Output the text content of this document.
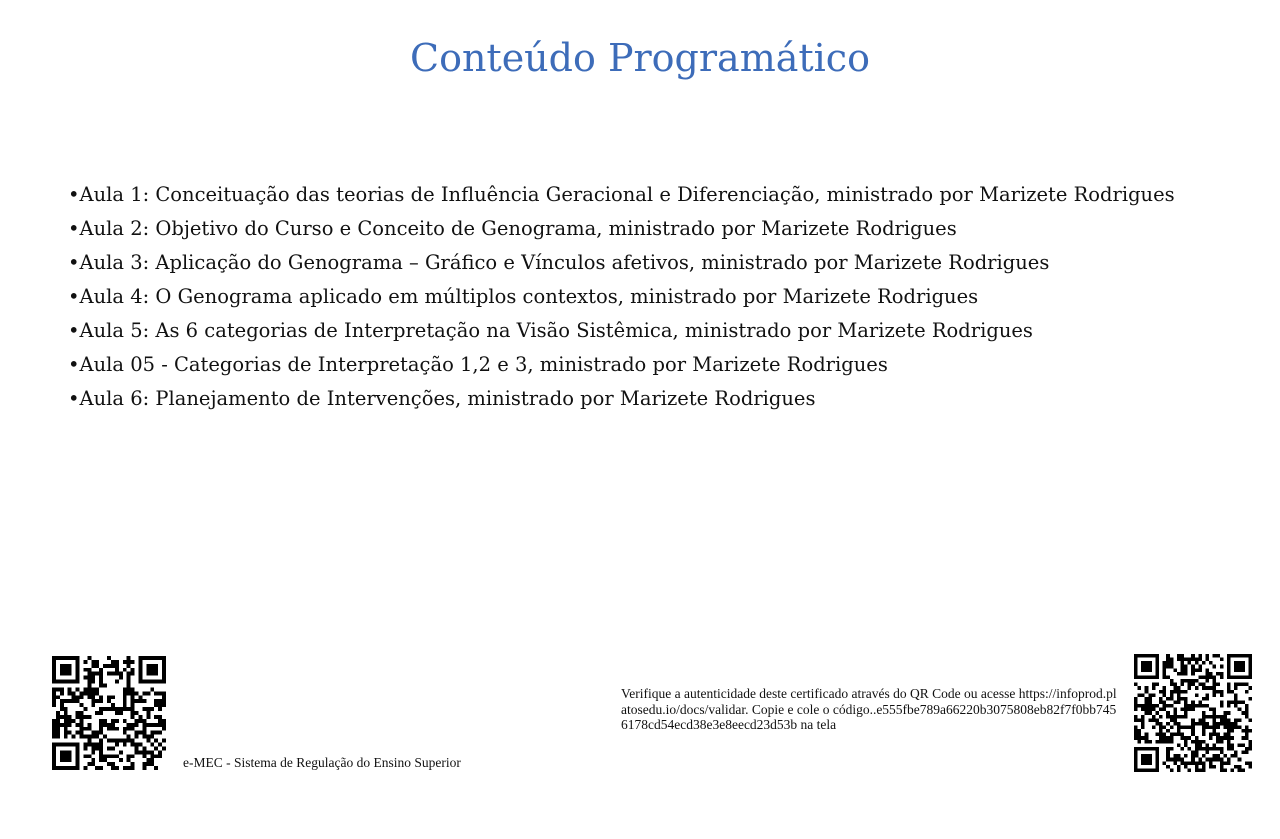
Conteúdo Programático
•Aula 1: Conceituação das teorias de Influência Geracional e Diferenciação, ministrado por Marizete Rodrigues
•Aula 2: Objetivo do Curso e Conceito de Genograma, ministrado por Marizete Rodrigues
•Aula 3: Aplicação do Genograma – Gráfico e Vínculos afetivos, ministrado por Marizete Rodrigues
•Aula 4: O Genograma aplicado em múltiplos contextos, ministrado por Marizete Rodrigues
•Aula 5: As 6 categorias de Interpretação na Visão Sistêmica, ministrado por Marizete Rodrigues
•Aula 05 - Categorias de Interpretação 1,2 e 3, ministrado por Marizete Rodrigues
•Aula 6: Planejamento de Intervenções, ministrado por Marizete Rodrigues
e-MEC - Sistema de Regulação do Ensino Superior
Verifique a autenticidade deste certificado através do QR Code ou acesse https://infoprod.platosedu.io/docs/validar. Copie e cole o código..e555fbe789a66220b3075808eb82f7f0bb7456178cd54ecd38e3e8eecd23d53b na tela
